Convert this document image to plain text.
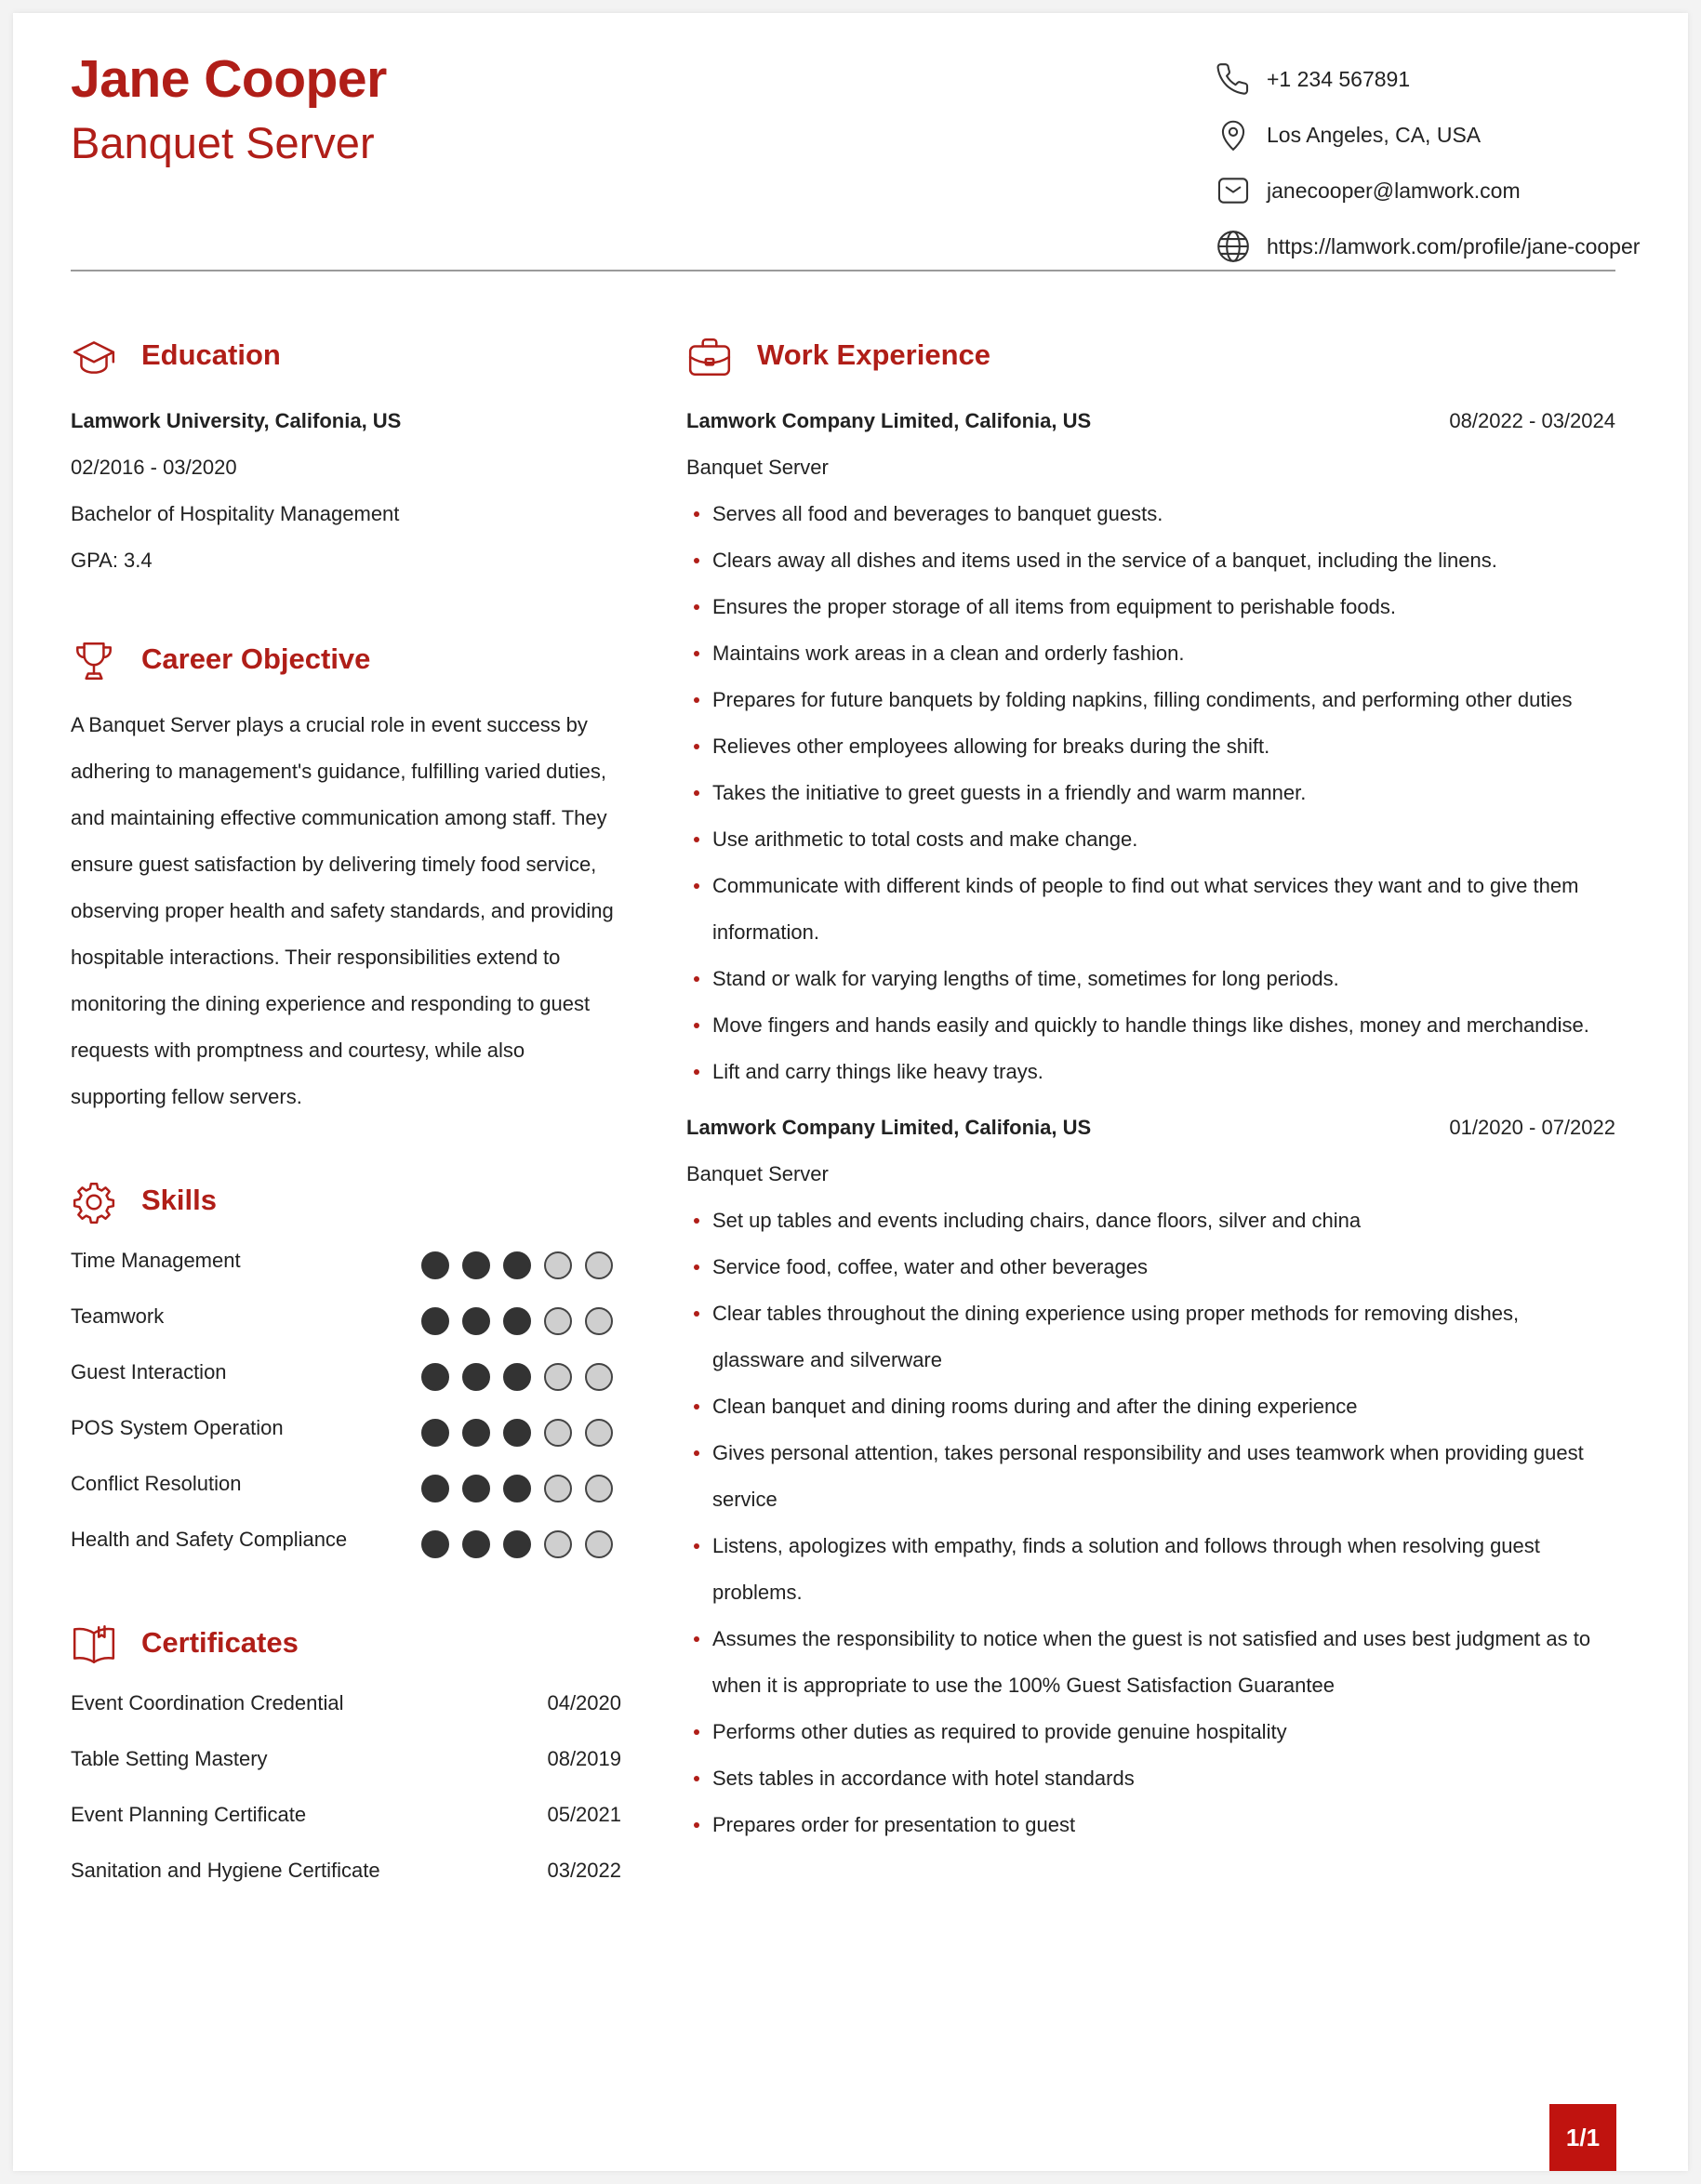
Jane Cooper
Banquet Server
+1 234 567891
Los Angeles, CA, USA
janecooper@lamwork.com
https://lamwork.com/profile/jane-cooper
Education
Lamwork University, Califonia, US
02/2016 - 03/2020
Bachelor of Hospitality Management
GPA: 3.4
Career Objective
A Banquet Server plays a crucial role in event success by adhering to management's guidance, fulfilling varied duties, and maintaining effective communication among staff. They ensure guest satisfaction by delivering timely food service, observing proper health and safety standards, and providing hospitable interactions. Their responsibilities extend to monitoring the dining experience and responding to guest requests with promptness and courtesy, while also supporting fellow servers.
Skills
Time Management
Teamwork
Guest Interaction
POS System Operation
Conflict Resolution
Health and Safety Compliance
Certificates
Event Coordination Credential	04/2020
Table Setting Mastery	08/2019
Event Planning Certificate	05/2021
Sanitation and Hygiene Certificate	03/2022
Work Experience
Lamwork Company Limited, Califonia, US	08/2022 - 03/2024
Banquet Server
Serves all food and beverages to banquet guests.
Clears away all dishes and items used in the service of a banquet, including the linens.
Ensures the proper storage of all items from equipment to perishable foods.
Maintains work areas in a clean and orderly fashion.
Prepares for future banquets by folding napkins, filling condiments, and performing other duties
Relieves other employees allowing for breaks during the shift.
Takes the initiative to greet guests in a friendly and warm manner.
Use arithmetic to total costs and make change.
Communicate with different kinds of people to find out what services they want and to give them information.
Stand or walk for varying lengths of time, sometimes for long periods.
Move fingers and hands easily and quickly to handle things like dishes, money and merchandise.
Lift and carry things like heavy trays.
Lamwork Company Limited, Califonia, US	01/2020 - 07/2022
Banquet Server
Set up tables and events including chairs, dance floors, silver and china
Service food, coffee, water and other beverages
Clear tables throughout the dining experience using proper methods for removing dishes, glassware and silverware
Clean banquet and dining rooms during and after the dining experience
Gives personal attention, takes personal responsibility and uses teamwork when providing guest service
Listens, apologizes with empathy, finds a solution and follows through when resolving guest problems.
Assumes the responsibility to notice when the guest is not satisfied and uses best judgment as to when it is appropriate to use the 100% Guest Satisfaction Guarantee
Performs other duties as required to provide genuine hospitality
Sets tables in accordance with hotel standards
Prepares order for presentation to guest
1/1
